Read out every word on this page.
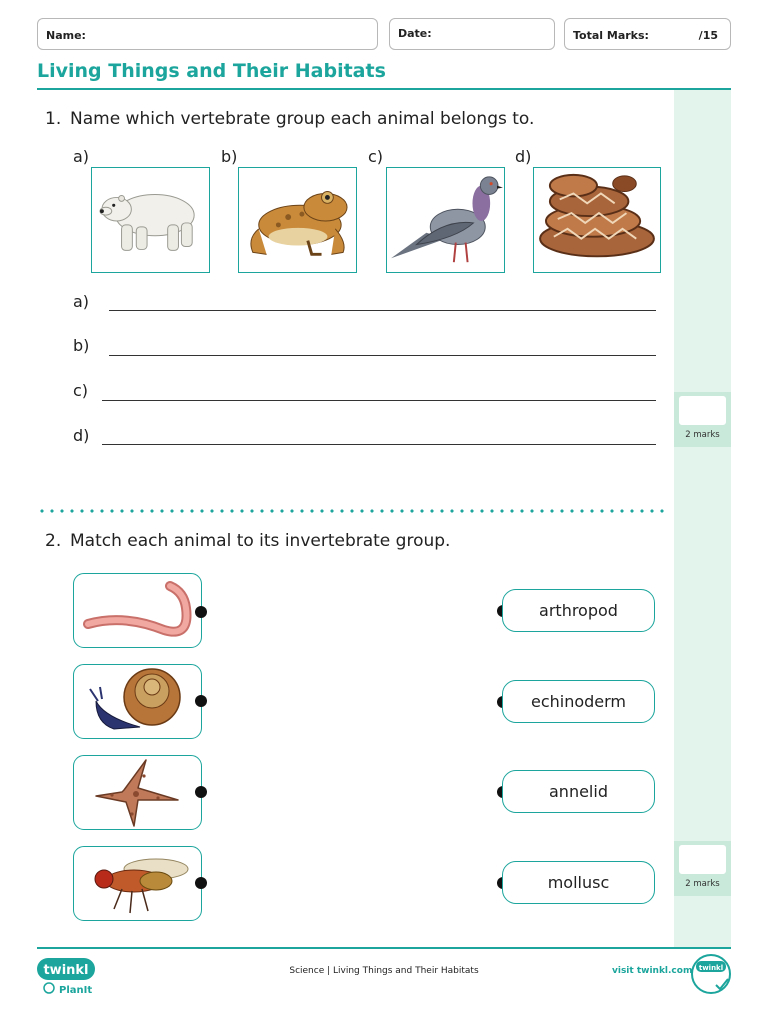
Name:	Date:	Total Marks:	/15
Living Things and Their Habitats
2 marks
2 marks
1. Name which vertebrate group each animal belongs to.
a)	b)	c)	d)
a)
b)
c)
d)
2. Match each animal to its invertebrate group.
arthropod
echinoderm
annelid
mollusc
twinkl
PlanIt
Science | Living Things and Their Habitats	visit twinkl.com twinkl
